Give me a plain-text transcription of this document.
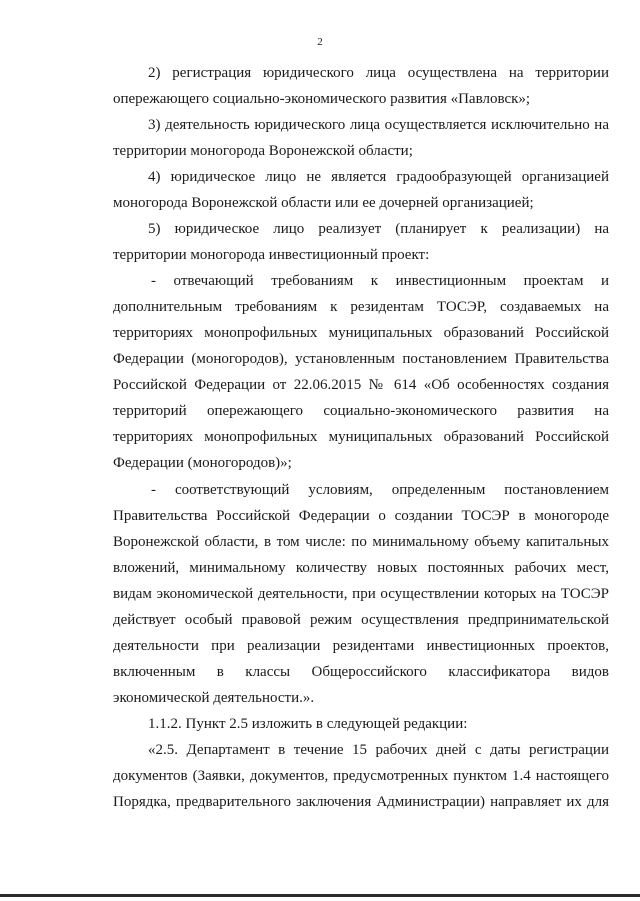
2
2) регистрация юридического лица осуществлена на территории
опережающего социально-экономического развития «Павловск»;
3) деятельность юридического лица осуществляется исключительно на
территории моногорода Воронежской области;
4) юридическое лицо не является градообразующей организацией
моногорода Воронежской области или ее дочерней организацией;
5) юридическое лицо реализует (планирует к реализации) на
территории моногорода инвестиционный проект:
- отвечающий требованиям к инвестиционным проектам и
дополнительным требованиям к резидентам ТОСЭР, создаваемых на
территориях монопрофильных муниципальных образований Российской
Федерации (моногородов), установленным постановлением Правительства
Российской Федерации от 22.06.2015 № 614 «Об особенностях создания
территорий опережающего социально-экономического развития на
территориях монопрофильных муниципальных образований Российской
Федерации (моногородов)»;
- соответствующий условиям, определенным постановлением
Правительства Российской Федерации о создании ТОСЭР в моногороде
Воронежской области, в том числе: по минимальному объему капитальных
вложений, минимальному количеству новых постоянных рабочих мест,
видам экономической деятельности, при осуществлении которых на ТОСЭР
действует особый правовой режим осуществления предпринимательской
деятельности при реализации резидентами инвестиционных проектов,
включенным в классы Общероссийского классификатора видов
экономической деятельности.».
1.1.2. Пункт 2.5 изложить в следующей редакции:
«2.5. Департамент в течение 15 рабочих дней с даты регистрации
документов (Заявки, документов, предусмотренных пунктом 1.4 настоящего
Порядка, предварительного заключения Администрации) направляет их для
